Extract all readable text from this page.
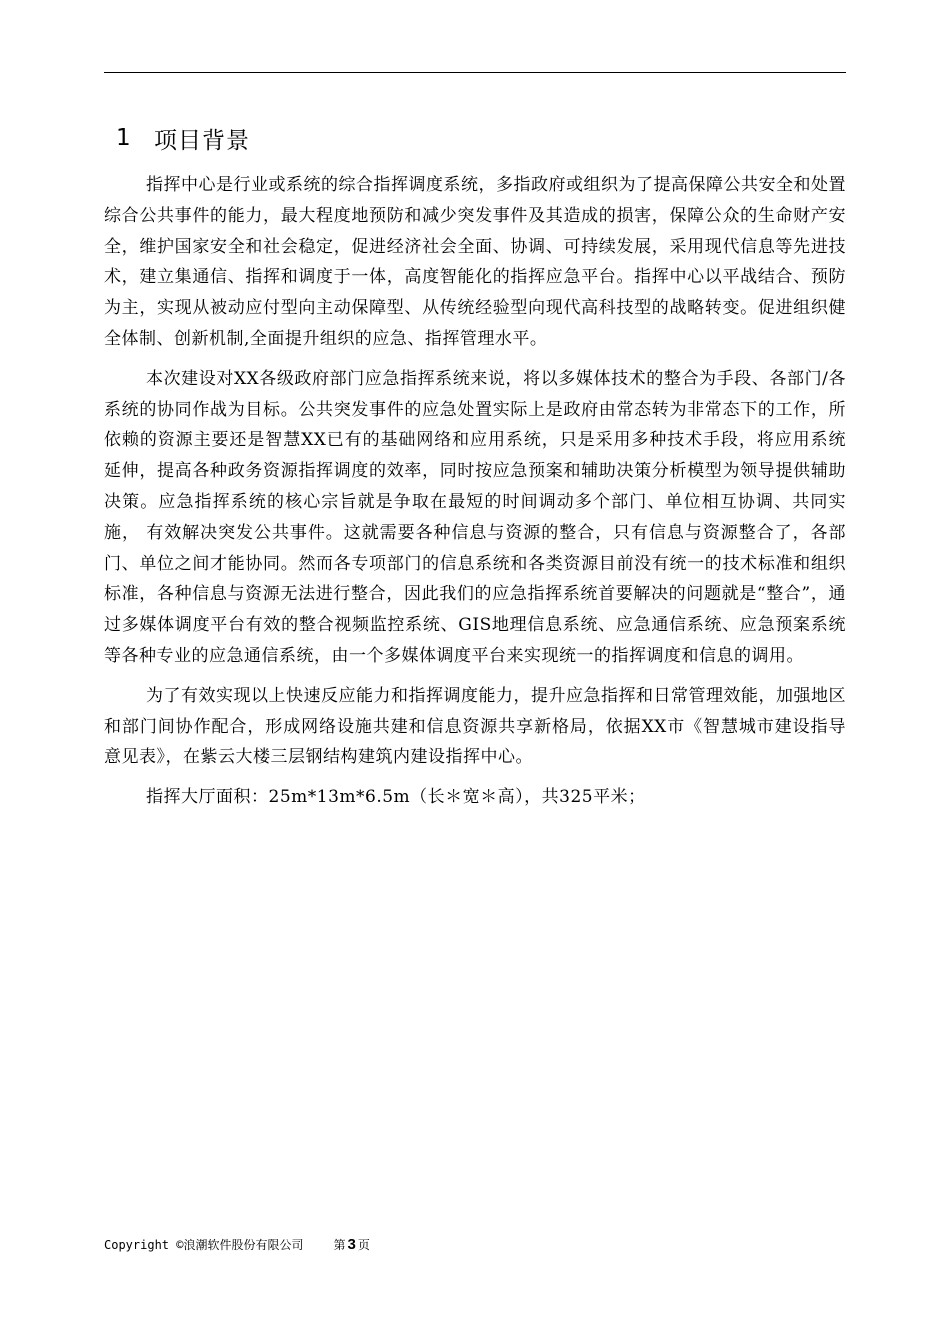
1 项目背景

指挥中心是行业或系统的综合指挥调度系统，多指政府或组织为了提高保障公共安全和处置综合公共事件的能力，最大程度地预防和减少突发事件及其造成的损害，保障公众的生命财产安全，维护国家安全和社会稳定，促进经济社会全面、协调、可持续发展，采用现代信息等先进技术，建立集通信、指挥和调度于一体，高度智能化的指挥应急平台。指挥中心以平战结合、预防为主，实现从被动应付型向主动保障型、从传统经验型向现代高科技型的战略转变。促进组织健全体制、创新机制,全面提升组织的应急、指挥管理水平。

本次建设对XX各级政府部门应急指挥系统来说，将以多媒体技术的整合为手段、各部门/各系统的协同作战为目标。公共突发事件的应急处置实际上是政府由常态转为非常态下的工作，所依赖的资源主要还是智慧XX已有的基础网络和应用系统，只是采用多种技术手段，将应用系统延伸，提高各种政务资源指挥调度的效率，同时按应急预案和辅助决策分析模型为领导提供辅助决策。应急指挥系统的核心宗旨就是争取在最短的时间调动多个部门、单位相互协调、共同实施， 有效解决突发公共事件。这就需要各种信息与资源的整合，只有信息与资源整合了，各部门、单位之间才能协同。然而各专项部门的信息系统和各类资源目前没有统一的技术标准和组织标准，各种信息与资源无法进行整合，因此我们的应急指挥系统首要解决的问题就是“整合”，通过多媒体调度平台有效的整合视频监控系统、GIS地理信息系统、应急通信系统、应急预案系统等各种专业的应急通信系统，由一个多媒体调度平台来实现统一的指挥调度和信息的调用。

为了有效实现以上快速反应能力和指挥调度能力，提升应急指挥和日常管理效能，加强地区和部门间协作配合，形成网络设施共建和信息资源共享新格局，依据XX市《智慧城市建设指导意见表》，在紫云大楼三层钢结构建筑内建设指挥中心。

指挥大厅面积：25m*13m*6.5m（长＊宽＊高），共325平米；

Copyright ©浪潮软件股份有限公司	第 3 页
